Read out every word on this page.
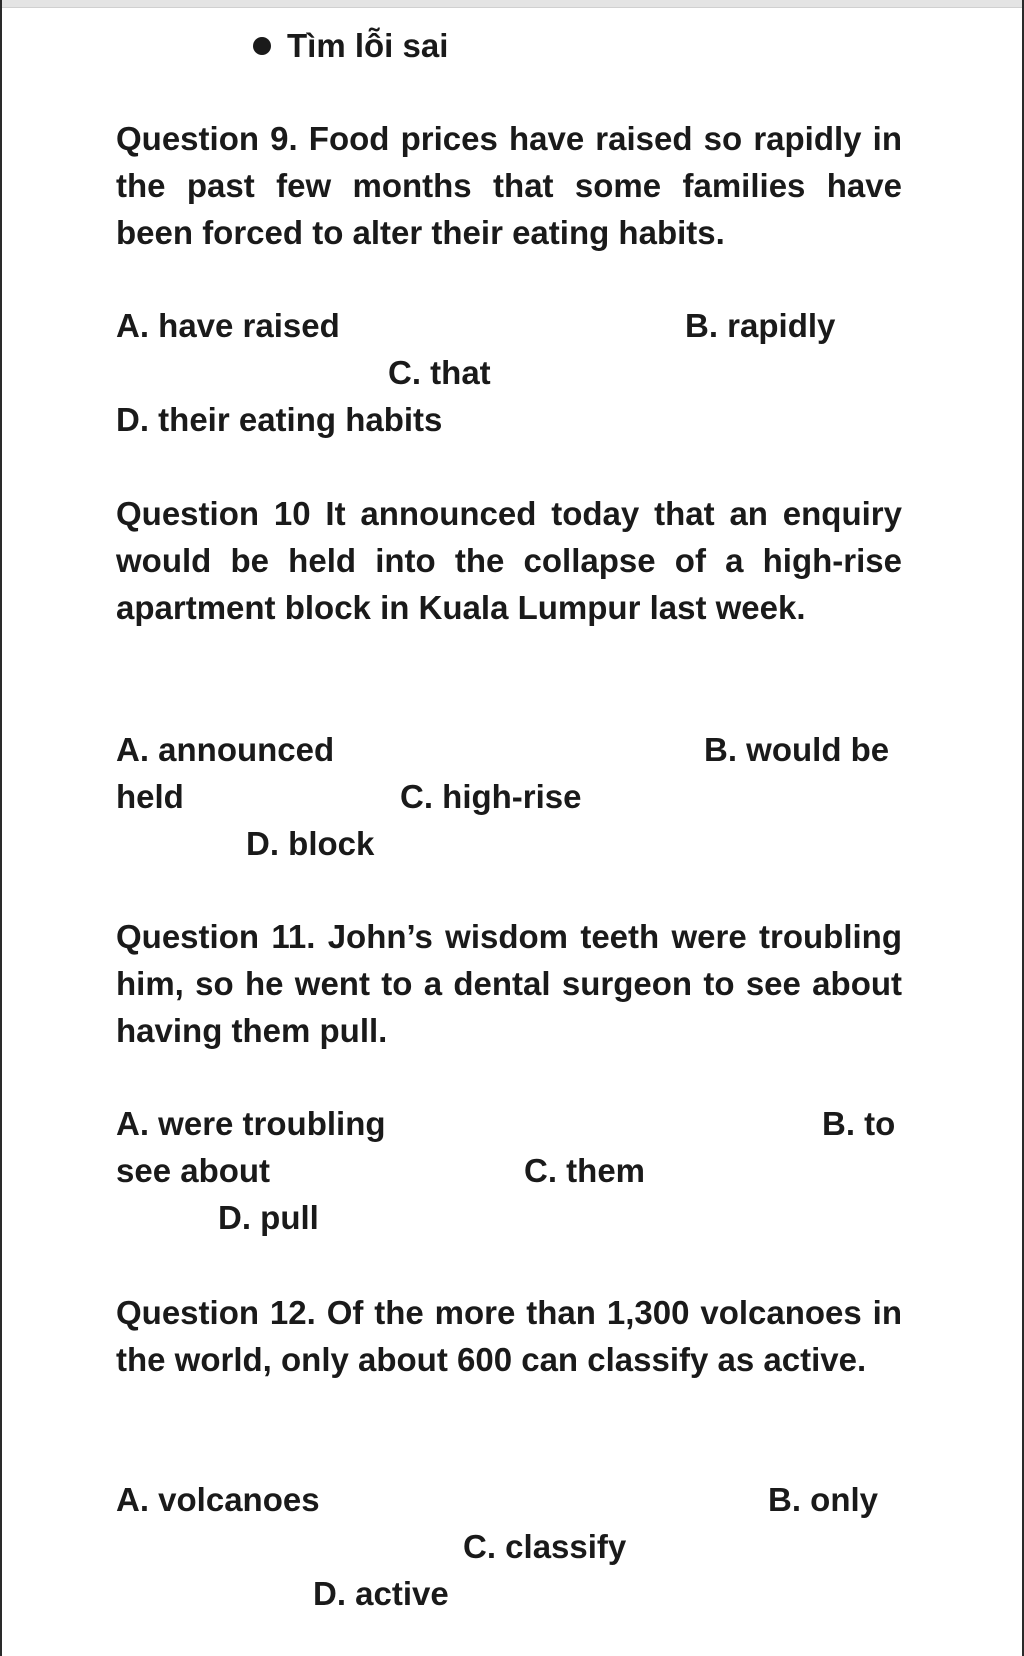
Tìm lỗi sai
Question 9. Food prices have raised so rapidly in the past few months that some families have been forced to alter their eating habits.
A. have raised	B. rapidly
C. that
D. their eating habits
Question 10 It announced today that an enquiry would be held into the collapse of a high-rise apartment block in Kuala Lumpur last week.
A. announced	B. would be
held	C. high-rise
D. block
Question 11. John’s wisdom teeth were troubling him, so he went to a dental surgeon to see about having them pull.
A. were troubling	B. to
see about	C. them
D. pull
Question 12. Of the more than 1,300 volcanoes in the world, only about 600 can classify as active.
A. volcanoes	B. only
C. classify
D. active
